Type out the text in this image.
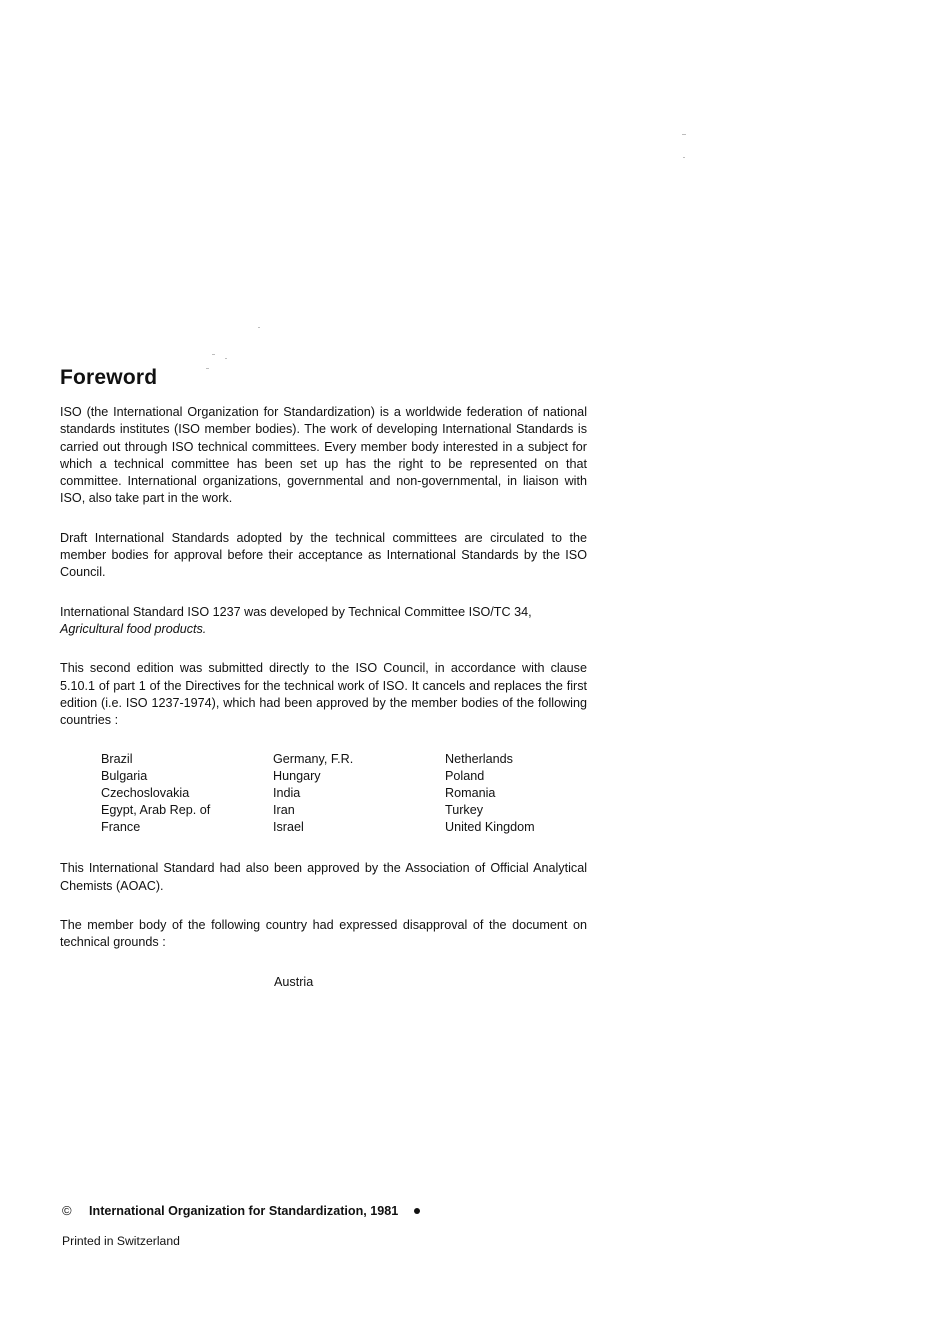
Foreword

ISO (the International Organization for Standardization) is a worldwide federation of national standards institutes (ISO member bodies). The work of developing International Standards is carried out through ISO technical committees. Every member body interested in a subject for which a technical committee has been set up has the right to be represented on that committee. International organizations, governmental and non-governmental, in liaison with ISO, also take part in the work.

Draft International Standards adopted by the technical committees are circulated to the member bodies for approval before their acceptance as International Standards by the ISO Council.

International Standard ISO 1237 was developed by Technical Committee ISO/TC 34,
Agricultural food products.

This second edition was submitted directly to the ISO Council, in accordance with clause 5.10.1 of part 1 of the Directives for the technical work of ISO. It cancels and replaces the first edition (i.e. ISO 1237-1974), which had been approved by the member bodies of the following countries :

Brazil
Bulgaria
Czechoslovakia
Egypt, Arab Rep. of
France
Germany, F.R.
Hungary
India
Iran
Israel
Netherlands
Poland
Romania
Turkey
United Kingdom

This International Standard had also been approved by the Association of Official Analytical Chemists (AOAC).

The member body of the following country had expressed disapproval of the document on technical grounds :

Austria
©	International Organization for Standardization, 1981
Printed in Switzerland
